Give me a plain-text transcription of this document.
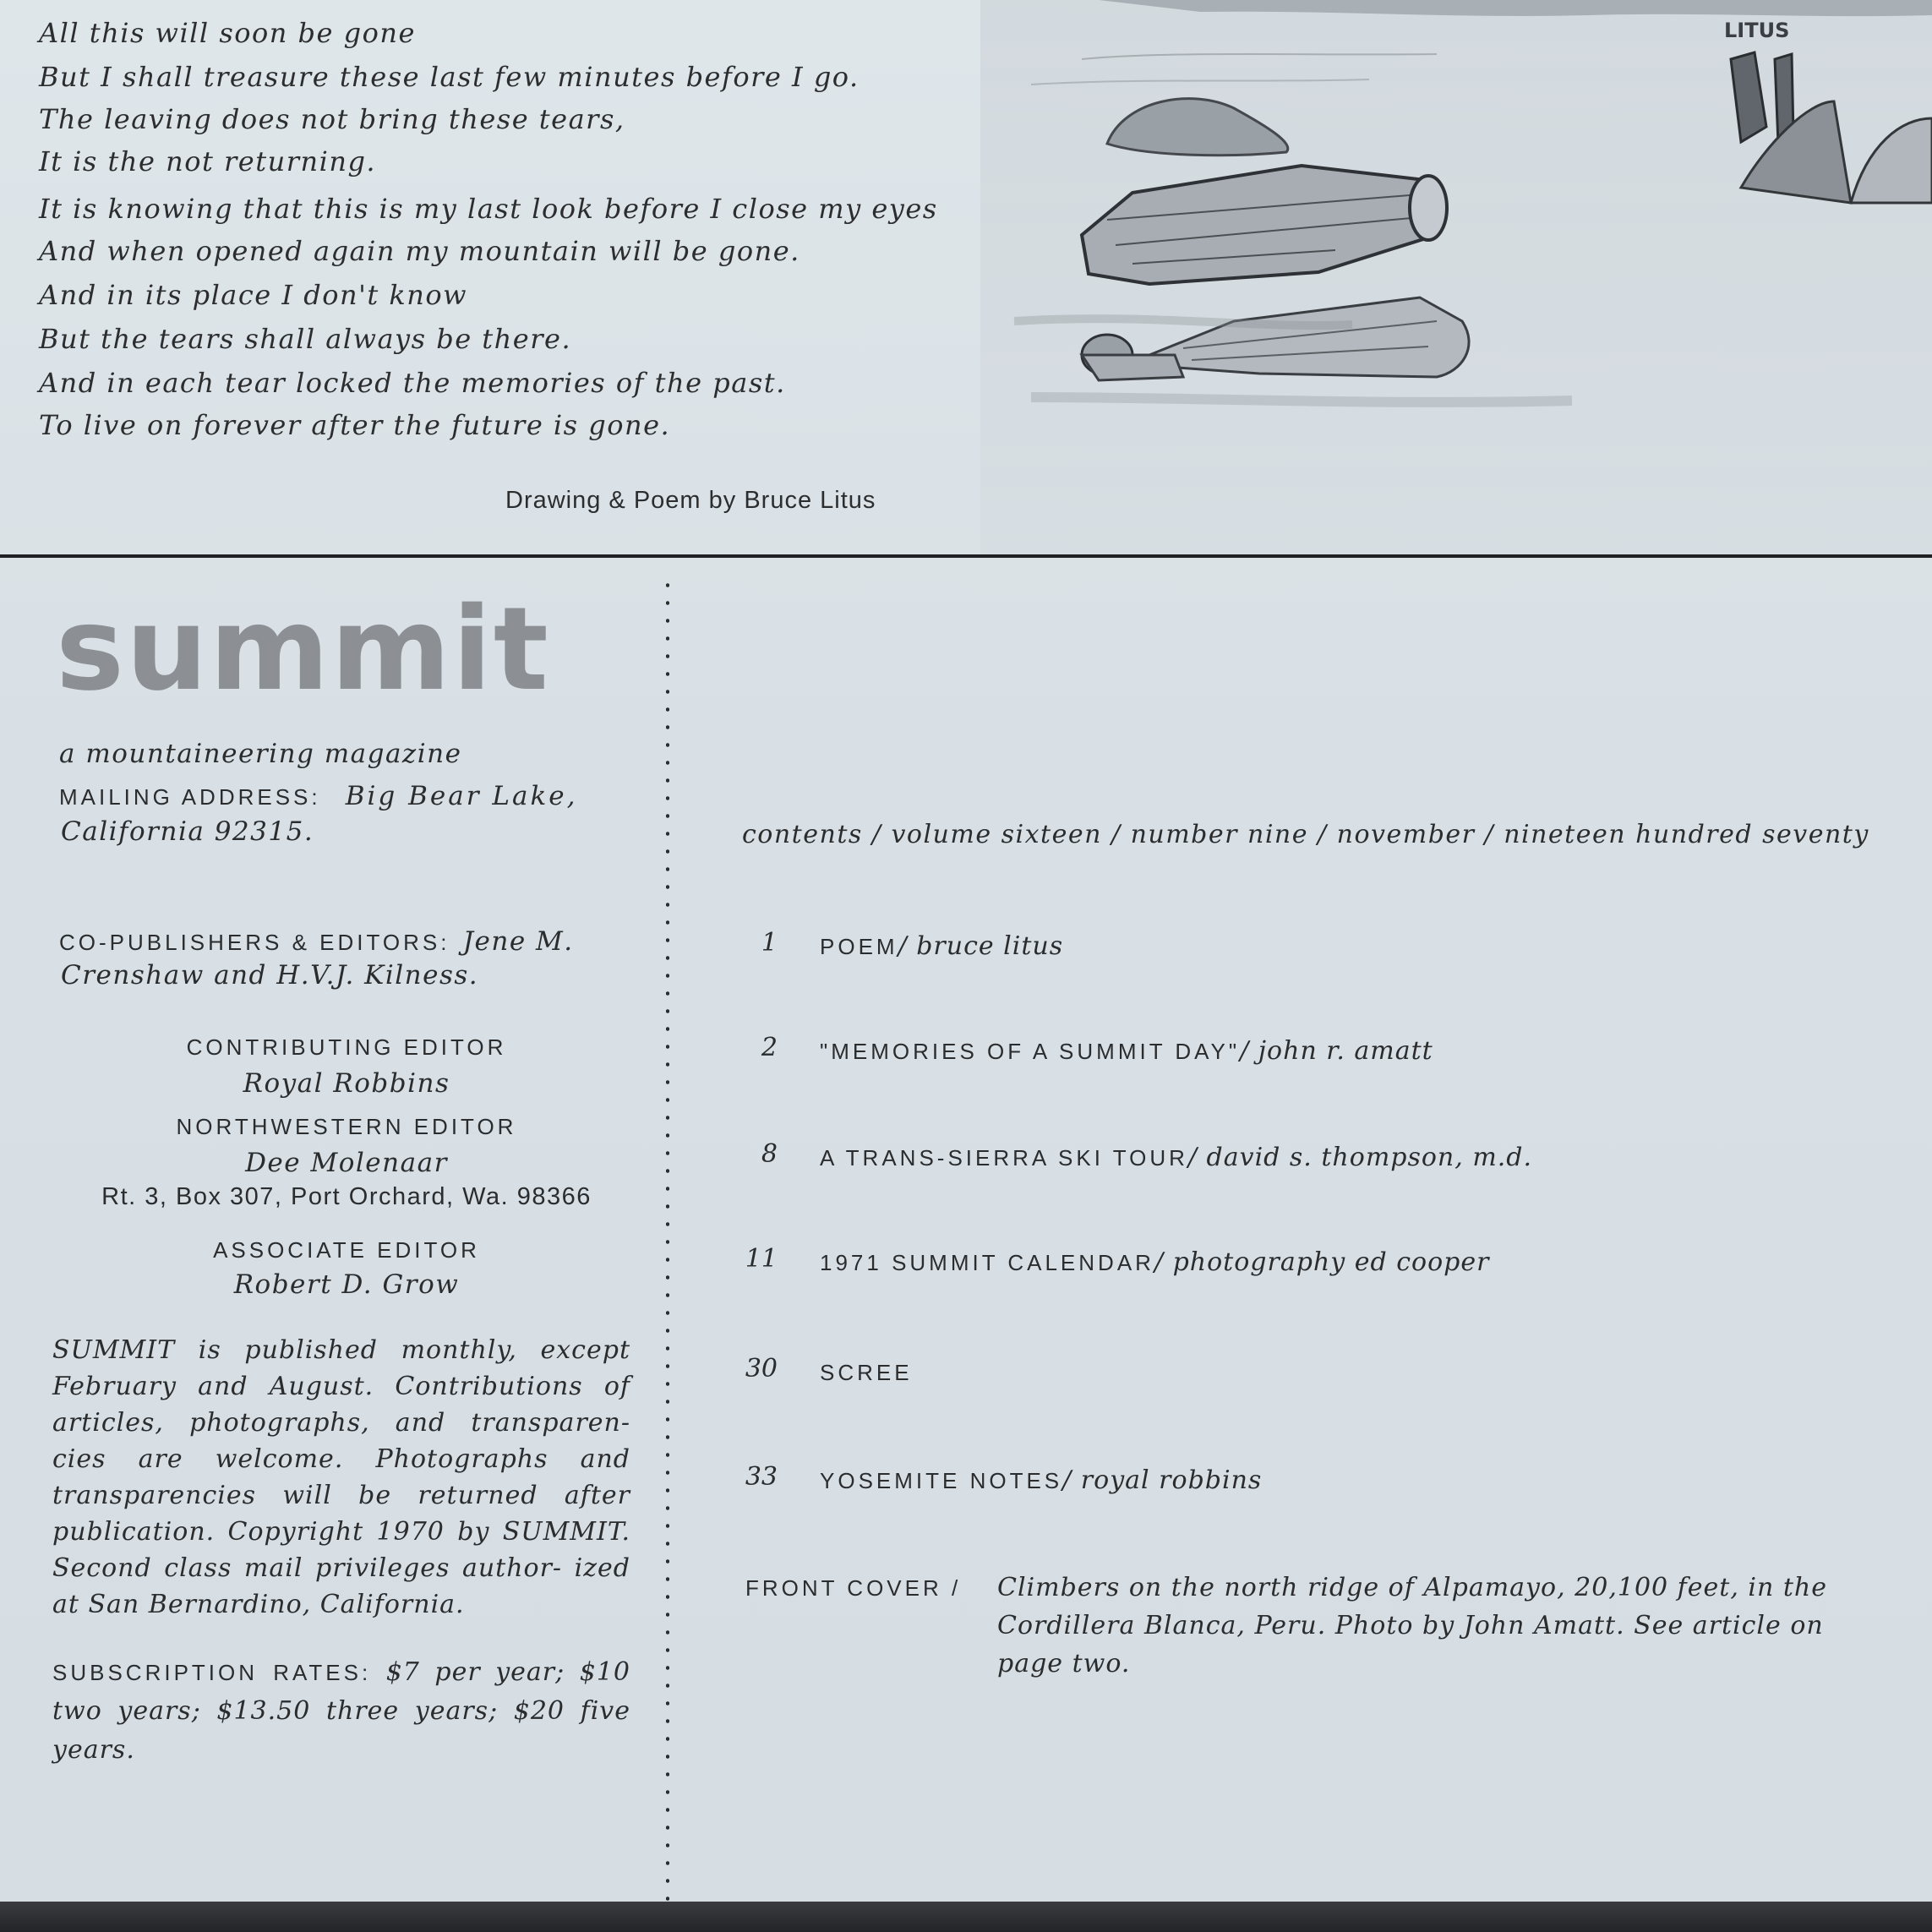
All this will soon be gone
But I shall treasure these last few minutes before I go.
The leaving does not bring these tears,
It is the not returning.
It is knowing that this is my last look before I close my eyes
And when opened again my mountain will be gone.
And in its place I don't know
But the tears shall always be there.
And in each tear locked the memories of the past.
To live on forever after the future is gone.
Drawing & Poem by Bruce Litus
LITUS
summit
a mountaineering magazine
MAILING ADDRESS: Big Bear Lake,
California 92315.
CO-PUBLISHERS & EDITORS: Jene M.
Crenshaw and H.V.J. Kilness.
CONTRIBUTING EDITOR
Royal Robbins
NORTHWESTERN EDITOR
Dee Molenaar
Rt. 3, Box 307, Port Orchard, Wa. 98366
ASSOCIATE EDITOR
Robert D. Grow
SUMMIT is published monthly, except February and August. Contributions of articles, photographs, and transparen- cies are welcome. Photographs and transparencies will be returned after publication. Copyright 1970 by SUMMIT. Second class mail privileges author- ized at San Bernardino, California.
SUBSCRIPTION RATES: $7 per year; $10 two years; $13.50 three years; $20 five years.
contents / volume sixteen / number nine / november / nineteen hundred seventy
1 POEM/ bruce litus
2 "MEMORIES OF A SUMMIT DAY"/ john r. amatt
8 A TRANS-SIERRA SKI TOUR/ david s. thompson, m.d.
11 1971 SUMMIT CALENDAR/ photography ed cooper
30 SCREE
33 YOSEMITE NOTES/ royal robbins
FRONT COVER / Climbers on the north ridge of Alpamayo, 20,100 feet, in the Cordillera Blanca, Peru. Photo by John Amatt. See article on page two.
